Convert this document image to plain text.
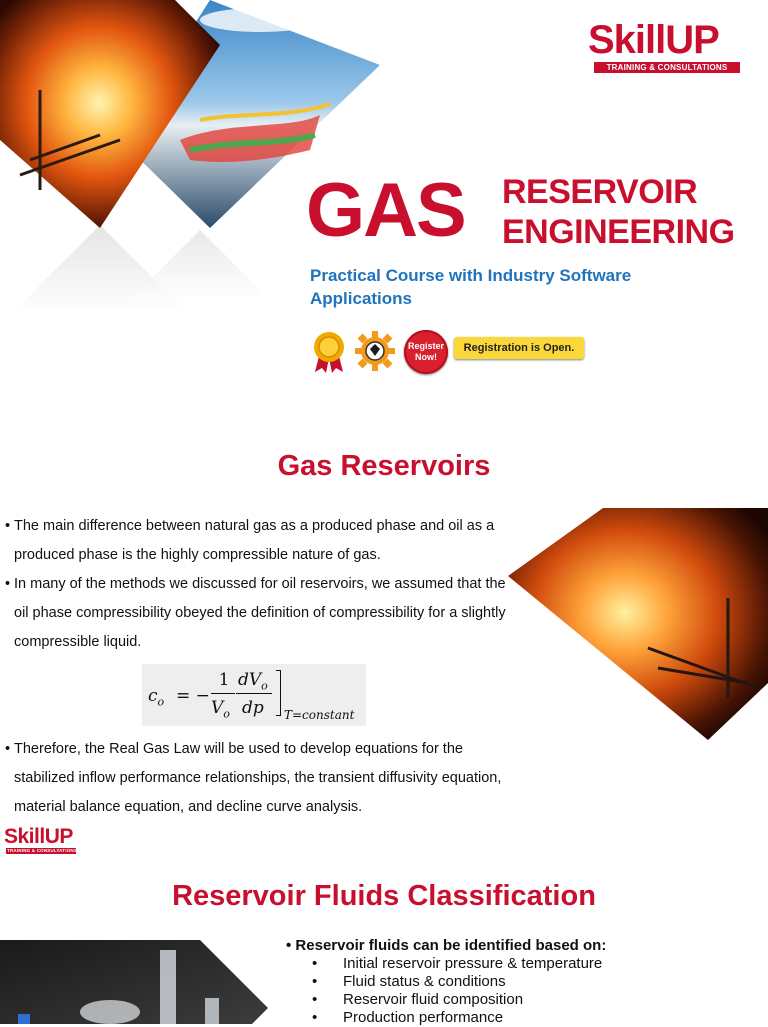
SkillUP
TRAINING & CONSULTATIONS
GAS RESERVOIR
ENGINEERING
Practical Course with Industry Software Applications
Register
Now!
Registration is Open.
Gas Reservoirs
• The main difference between natural gas as a produced phase and oil as a produced phase is the highly compressible nature of gas.
• In many of the methods we discussed for oil reservoirs, we assumed that the oil phase compressibility obeyed the definition of compressibility for a slightly compressible liquid.
• Therefore, the Real Gas Law will be used to develop equations for the stabilized inflow performance relationships, the transient diffusivity equation, material balance equation, and decline curve analysis.
$c_o$ = −
1
$V_o$
$dV_o$
dp T=constant
SkillUP
TRAINING & CONSULTATIONS
Reservoir Fluids Classification
• Reservoir fluids can be identified based on:
• Initial reservoir pressure & temperature
• Fluid status & conditions
• Reservoir fluid composition
• Production performance
